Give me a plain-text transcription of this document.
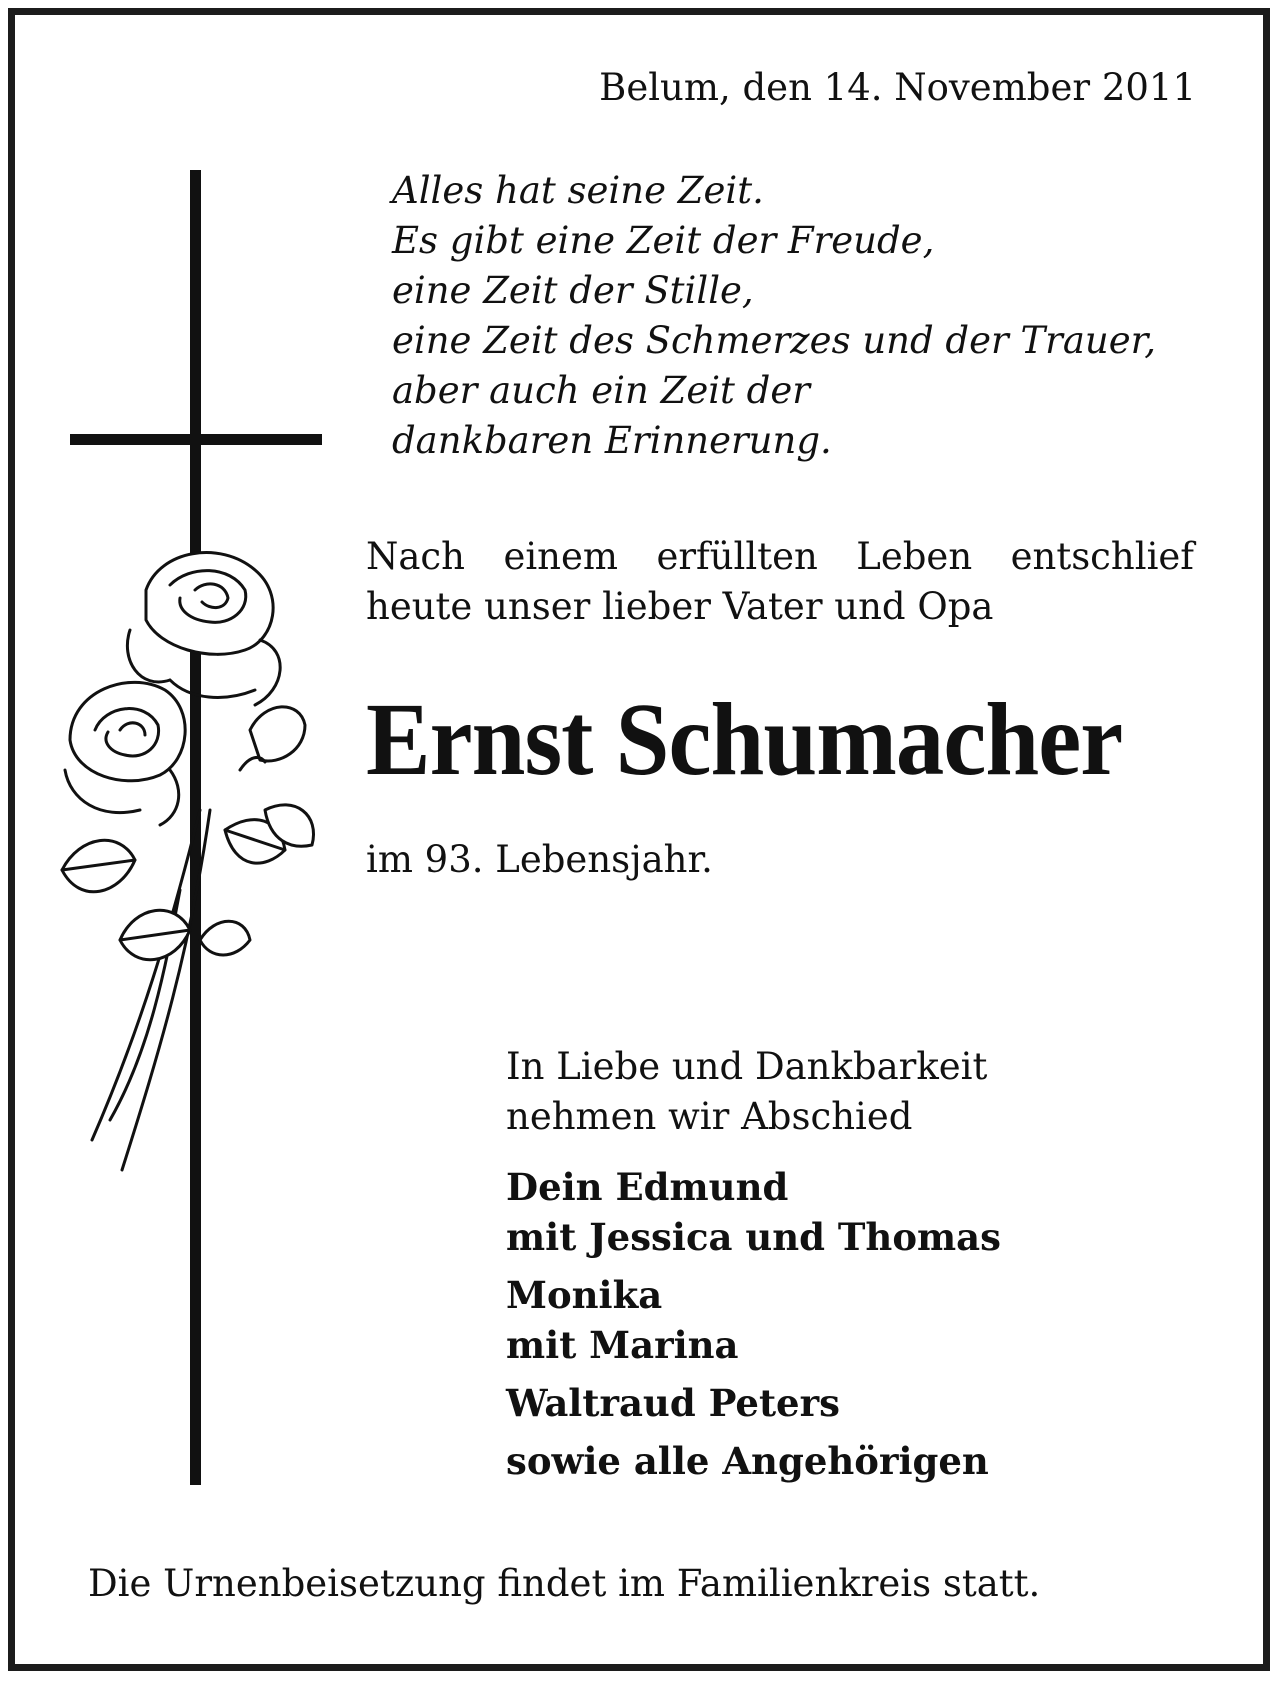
Belum, den 14. November 2011

Alles hat seine Zeit.
Es gibt eine Zeit der Freude,
eine Zeit der Stille,
eine Zeit des Schmerzes und der Trauer,
aber auch ein Zeit der
dankbaren Erinnerung.
Nach einem erfüllten Leben entschlief
heute unser lieber Vater und Opa
Ernst Schumacher

im 93. Lebensjahr.

In Liebe und Dankbarkeit
nehmen wir Abschied
Dein Edmund
mit Jessica und Thomas
Monika
mit Marina
Waltraud Peters
sowie alle Angehörigen

Die Urnenbeisetzung findet im Familienkreis statt.
